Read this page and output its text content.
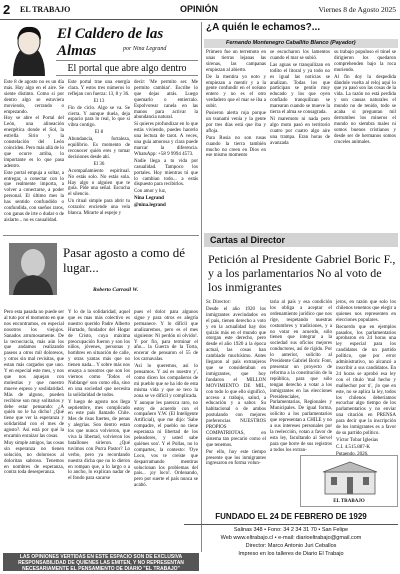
2 EL TRABAJO	OPINIÓN	Viernes 8 de Agosto 2025
El Caldero de las Almas	por Nina Legrand
El portal que abre algo dentro

Este 8 de agosto no es un día más. Hay algo en el aire. Se siente distinto. Como si por dentro algo se estuviera moviendo, cerrando o empezando.

Hoy se abre el Portal del León, una alineación energética donde el Sol, la estrella Sirio y la constelación del León coinciden. Pero más allá de lo que ocurre arriba, lo importante es lo que pasa adentro.

Este portal empuja a soltar, a entregar, a conectar con lo que realmente importa, a volver a conectarse, a poder personal. El último mes la has sentido confundido o confundida, con sueños raros, con ganas de irte o dudar o de aislarte... no es casualidad.

Este portal trae una energía clara. Y estos tres números lo reflejan con fuerza: 13, 8 y 36.

El 13

Fin de ciclo. Algo se va. Se cierra. Y aunque duela, deja espacio para lo real, lo que sí vibra contigo.

El 8

Abundancia, fortaleza, equilibrio. Es momento de reconocer quién eres y tomar decisiones desde ahí.

El 36

Acompañamiento espiritual. No estás solo. No estás sola. Hay algo o alguien que te guía. Pide una señal. Escucha el silencio.

Un ritual simple para abrir tu corazón: enciende una vela blanca. Mirarte al espejo y

decir: 'Me permito ser. Me permito cambiar'. Escribe lo que dejas atrás. Luego quemarlo o entierralo. Espolvorear canela en las manos para activar la abundancia natural.

Si quieres profundizar en lo que estás viviendo, puedes hacerlo una lectura de tarot. A veces, una guía amorosa y clara puede marcar la diferencia. WhatsApp: +58 9 9994 4573.

Nadie llega a tu vida por casualidad. Tampoco los portales. Hoy mientras tú que lo cambian todo... a estás dispuesto para recibirlos.

Con amor y luz,

Nina Legrand

@nina.legrand

Pasar agosto a como dé lugar...
Roberto Carrasil W.

Pero esta pasada no puede ser al tuto por el momento en que nos encontramos, en especial nosotros los viejujos. Sanados arrumosamente. De la tecnocracia, más aún los que andamos realizando paseos a otros mil doloresos, y otros sin mal revisitas, que estan más cargados que uno. Y en especial este mes, y nos que nos aquejan con molestias y que nuestro mueve espeso y soslidaridad. Más de alguno, pueden recibirse son muy solitarios y debe estar pensando: ¿A quién no le ha dicho! ¿Qué tiene que ver la esperanza y solidaridad con el mes de agosto?. Asi está por qué la encamin enraizar las cosas.

Muy simple amigos, las cosas sin esperanza no tienen solución, no dolorosos al doloritan sabroso. Tenemos en nombres de esperanza, contra toda desesperanza.

Y lo de la solidaridad, aquel que es mas más colectivo es nuestro querido Padre Alberto Hurtado, fundador del Hogar de Cristo, cuya máxima preocupación fueron y son los niños, jóvenes, personas y hombres en situación de calle, y otras yantas más que no tienen nada... Y sobre más nos ensaya a nosotros que son los viernos como 'Todos el Nublange' son como ella, sino en una sociedad que necesita la solidaridad de todos.

Y luego de agosto nos llega septiembre, mes complicado en este país llamado Chile. Mes de risas fuertes, de penas y alegrías. Son dentro estan los que nunca volvieron, que viva la libertad, volvieron los batallones sirieron. ¿Qué tuvimos con Purra Pastor? Lo verbo, pero ya recordando nuestra dicha que no lo dieron en rompan que, a lo largo o a lo ancho, lo explican nadar de el fondo para sacarse

pues el dolor para algunos sigue y para otros es alegría permanece. Y lo difícil que analizaremos, pero es el mes siguiente: Ni perdón ni olvido!. Y por fin, para terminar el año... la Guerra de la Torta, encerar de pensaron el 55 de los carnavalas.

'Así lo queremos, así lo pensamos. Y así es nuestro y', como dicen los compañeros de mi pueblo que se ha ido de esta misma vida y que se teco la zona se ve difícil y complicada.

Y aunque les parezca raro, no estoy de acuerdo con el compañero Y.W. (El Inteligente Artificial), que me dijo: 'Sabe compadre, el pueblo no tiene esperanza ni libertad de los peleadores, y usted sabe quiénes son'. Y el Pollas, no lo compartes, la contesto: 'Oye Loco, vos te creíste que desparramando mentiras solucionan los problemas del país... ¡oy loco!. Ordenando, pero por suerte el país nunca se acabó.

LAS OPINIONES VERTIDAS EN ESTE ESPACIO SON DE EXCLUSIVA RESPONSABILIDAD DE QUIENES LAS EMITEN, Y NO REPRESENTAN NECESARIAMENTE EL PENSAMIENTO DE DIARIO "EL TRABAJO"
¿A quién le echamos?...
Fernando Montenegro Caballito Blanco (Payador)

Primero fue un terremoto en unas tierras lejanas las sirenas, las campanas empiezan al abierto.

De la mentira yo noto y empiezan a mentir y a la gente confundir en el océano entero y no es el otro verdadero que el mar se iba a subir.

Pusieron alerta roja porque un tsunami venía y la gente por tres días está que iba y afloja.

Para Rusia no son rusas cuando la tierra también mucho no creen en Dios en ese mismo momento

se escucharon los lamentos cuando el mar se subió.

Las aguas se tranquilizan en todito el litoral y ya todo no es igual las noticias se analizan. Todas los que participan se gentío muy educado y los que oyen confiado tranquilizan se marearan cuando se mueve la tierra el alma se consagrada.

Ni maremoto ni nada pero algo moto pasó en territorio cuatro por cuatro algo aire una trampa. Eran horas de avanzada

su trabajo populoso el túnel se dirigieron los quedaron comprehenden bajo la roca muriendo.

Al fin doy la despedida dándole vuelta al reloj aquí lo que ya pasó son las cosas de la vida. La razón no está perdida y son causas naturales el mundo no de tenido, todo se acaba si preguntan mil derrumbes los mineros el mundo no siembra males ni somos buenos cristianos y desde ser de hermanos somos cruceles animales.

Cartas al Director
Petición al Presidente Gabriel Boric F., y a los parlamentarios No al voto de los inmigrantes

Sr. Director:

Desde el año 1920 los inmigrantes avecindados en el país, tienen derecho a voto y en la actualidad hay dos quizás más en el mundo que otorgan este derecho, pero desde el año 1920 a la época actual, las cosas han cambiado muchísimo. Antes llegaron al país extranjeros que se consideraban en inmigrantes, que hoy fundaron el MILLON MOVIMIENTO DE MIL, con todo lo que ello significó, acceso a trabajo, salud, a educación y a sabor. Su habitacional o de ambos postulando con mejores preferencias NUESTROS PROPIOS COMPATRIOTAS, en sistema tan precario como el que tenemos.

Por ello, hoy este tiempo presente que los inmigrantes ingresaron en forma volun-

taria al país y esa condición los obliga a aceptar el ordenamiento jurídico que nos rige, respetando nuestras costumbres y tradiciones, y a no votar en acuerdo, sólo tienen que integrar a la sociedad sus oficios mejores conductores, así de rígido. Por lo anterior, solicito al Presidente Gabriel Boric Font, presentar un proyecto de reforma a la constitución de la república, para que sólo tengan derecho a votar a los inmigrantes en las elecciones Presidenciales, Parlamentarias, Regionales y Municipales. De igual forma, solicito a los parlamentarios que representan a CHILE y no a sus intereses personales por la reelección, votan a favor de esta ley, facultando al Servel para que borre de sus registros a todos los extran-

jeros, en razón que solo los chilenos tenemos que elegir a quienes nos representen en elecciones populares.

Recuerdo que en ejemplos pasados, los parlamentarios aprobaron en 24 horas una ley especial para los candidatos de un partido político, que por error administrativo, no alcanzó a inscribir a sus candidatos. En 24 horas se aprobó esa ley con el título 'mal hecho y malhechor por ti', ¡lo que en este, no se aplica la ley, todos los chilenos deberíamos escuchar algo tiempo de los parlamentarios y no enviar una citación en PRENSA para decir que la inscripción de los inmigrantes es a favor de su partido político.

Víctor Tobar Iglesias

C.I. 4.515.887-K

Putaendo. 2026.

EL TRABAJO
FUNDADO EL 24 DE FEBRERO DE 1929
Salinas 348 • Fono: 34 2 34 31 70 • San Felipe
Web www.eltrabajo.cl • e-mail: diarioeltrabajo@gmail.com
Director: Marco Antonio Juri Ceballos
Impreso en los talleres de Diario El Trabajo
